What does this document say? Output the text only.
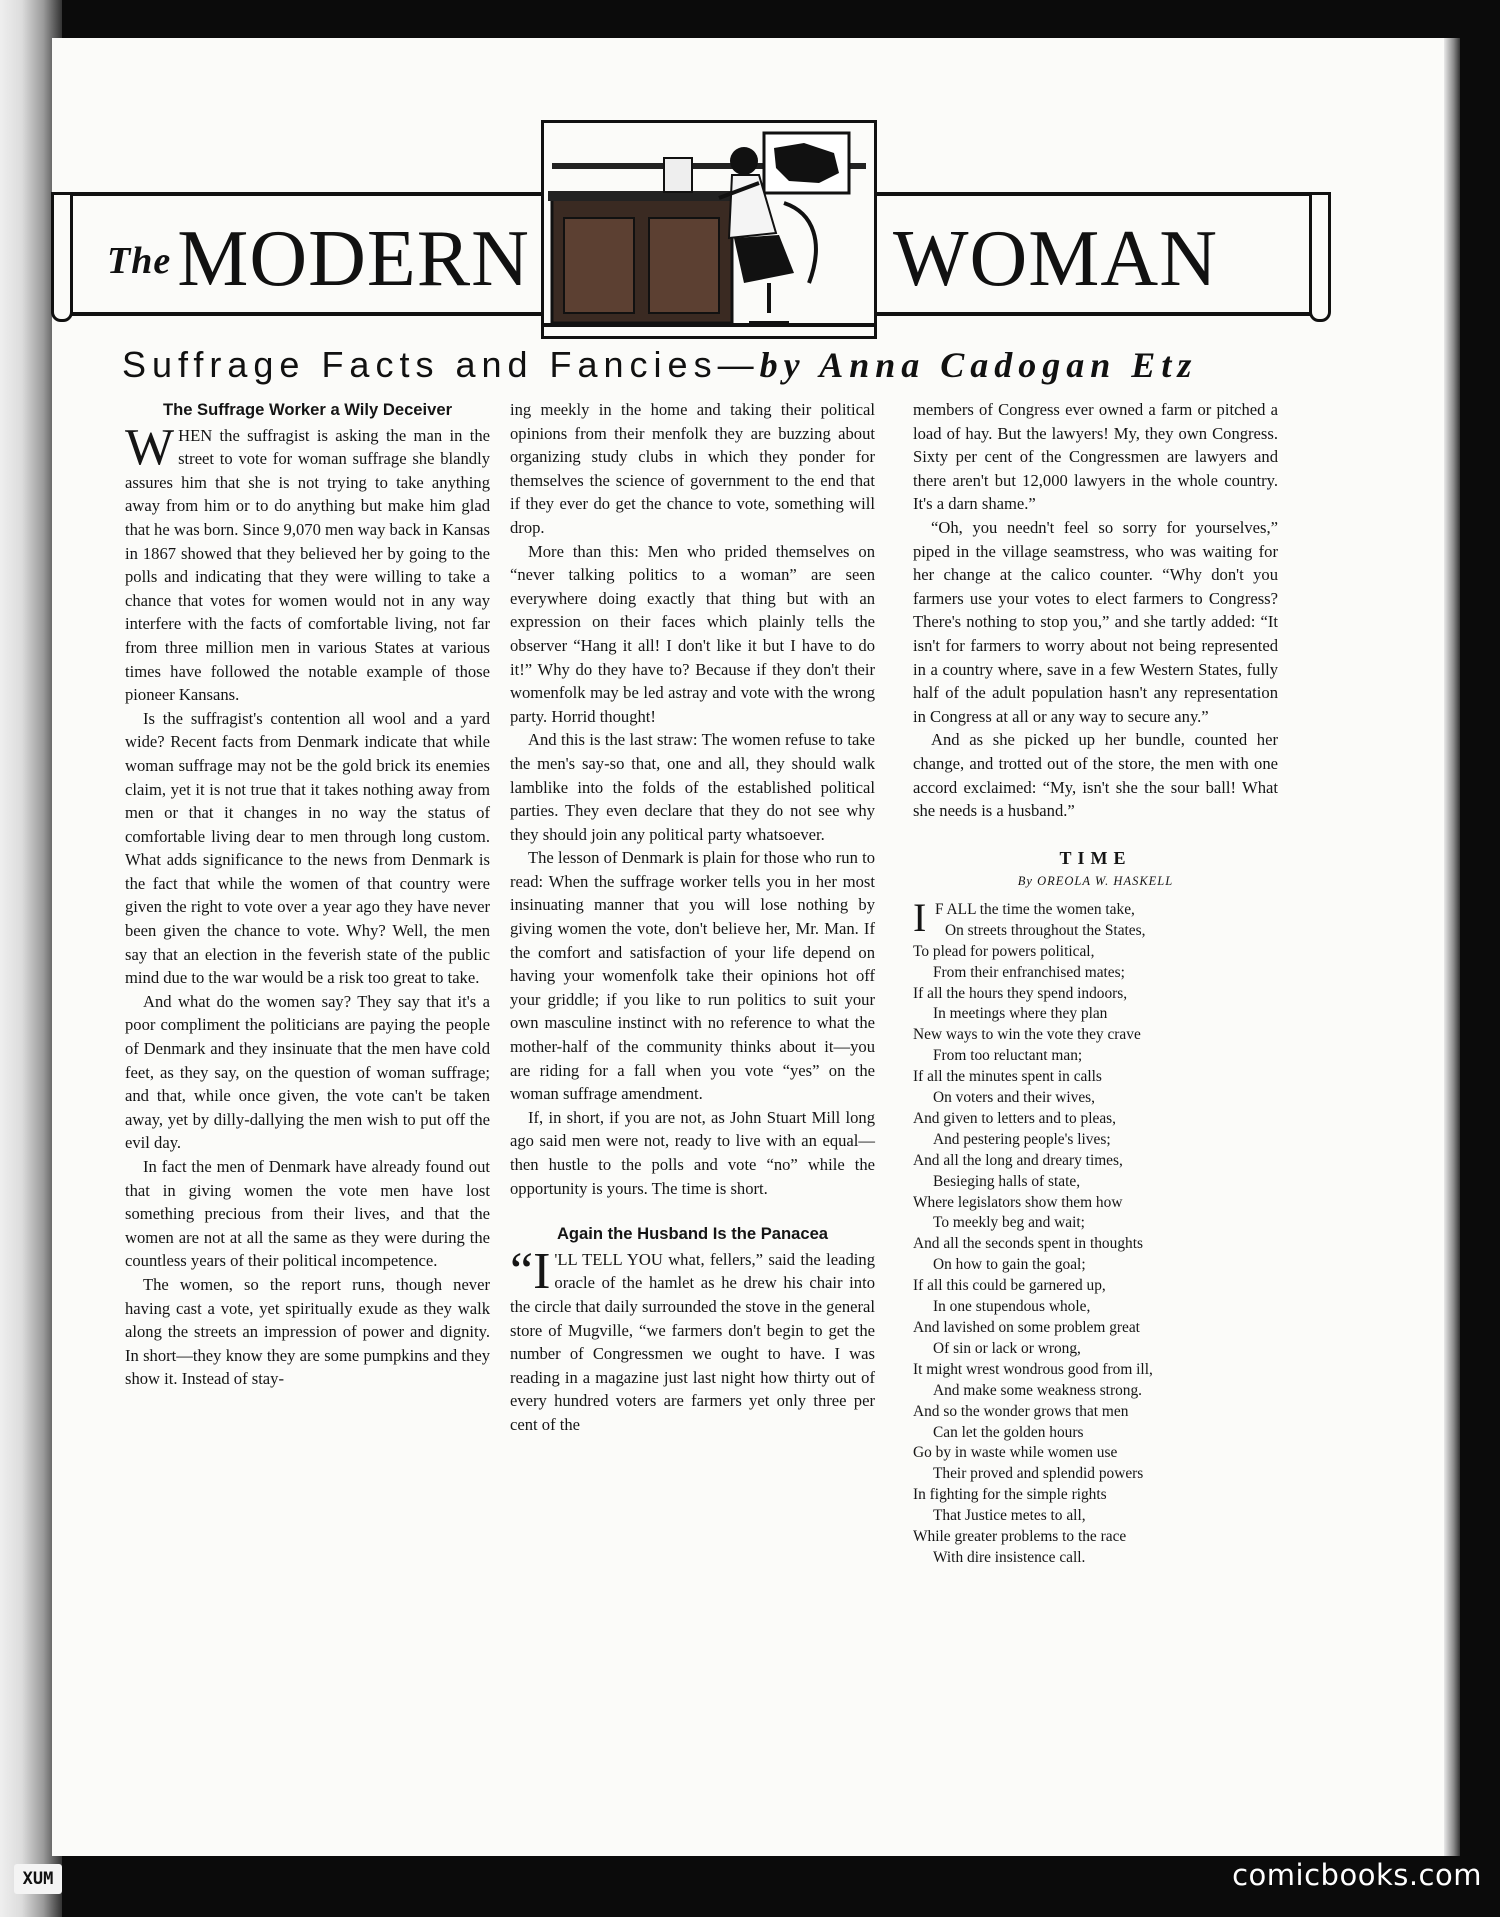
TheMODERN	WOMAN
Suffrage Facts and Fancies—by Anna Cadogan Etz
The Suffrage Worker a Wily Deceiver

WHEN the suffragist is asking the man in the street to vote for woman suffrage she blandly assures him that she is not trying to take anything away from him or to do anything but make him glad that he was born. Since 9,070 men way back in Kansas in 1867 showed that they believed her by going to the polls and indicating that they were willing to take a chance that votes for women would not in any way interfere with the facts of comfortable living, not far from three million men in various States at various times have followed the notable example of those pioneer Kansans.

Is the suffragist's contention all wool and a yard wide? Recent facts from Denmark indicate that while woman suffrage may not be the gold brick its enemies claim, yet it is not true that it takes nothing away from men or that it changes in no way the status of comfortable living dear to men through long custom. What adds significance to the news from Denmark is the fact that while the women of that country were given the right to vote over a year ago they have never been given the chance to vote. Why? Well, the men say that an election in the feverish state of the public mind due to the war would be a risk too great to take.

And what do the women say? They say that it's a poor compliment the politicians are paying the people of Denmark and they insinuate that the men have cold feet, as they say, on the question of woman suffrage; and that, while once given, the vote can't be taken away, yet by dilly-dallying the men wish to put off the evil day.

In fact the men of Denmark have already found out that in giving women the vote men have lost something precious from their lives, and that the women are not at all the same as they were during the countless years of their political incompetence.

The women, so the report runs, though never having cast a vote, yet spiritually exude as they walk along the streets an impression of power and dignity. In short—they know they are some pumpkins and they show it. Instead of stay-

ing meekly in the home and taking their political opinions from their menfolk they are buzzing about organizing study clubs in which they ponder for themselves the science of government to the end that if they ever do get the chance to vote, something will drop.

More than this: Men who prided themselves on “never talking politics to a woman” are seen everywhere doing exactly that thing but with an expression on their faces which plainly tells the observer “Hang it all! I don't like it but I have to do it!” Why do they have to? Because if they don't their womenfolk may be led astray and vote with the wrong party. Horrid thought!

And this is the last straw: The women refuse to take the men's say-so that, one and all, they should walk lamblike into the folds of the established political parties. They even declare that they do not see why they should join any political party whatsoever.

The lesson of Denmark is plain for those who run to read: When the suffrage worker tells you in her most insinuating manner that you will lose nothing by giving women the vote, don't believe her, Mr. Man. If the comfort and satisfaction of your life depend on having your womenfolk take their opinions hot off your griddle; if you like to run politics to suit your own masculine instinct with no reference to what the mother-half of the community thinks about it—you are riding for a fall when you vote “yes” on the woman suffrage amendment.

If, in short, if you are not, as John Stuart Mill long ago said men were not, ready to live with an equal—then hustle to the polls and vote “no” while the opportunity is yours. The time is short.

Again the Husband Is the Panacea

“I 'LL TELL YOU what, fellers,” said the leading oracle of the hamlet as he drew his chair into the circle that daily surrounded the stove in the general store of Mugville, “we farmers don't begin to get the number of Congressmen we ought to have. I was reading in a magazine just last night how thirty out of every hundred voters are farmers yet only three per cent of the

members of Congress ever owned a farm or pitched a load of hay. But the lawyers! My, they own Congress. Sixty per cent of the Congressmen are lawyers and there aren't but 12,000 lawyers in the whole country. It's a darn shame.”

“Oh, you needn't feel so sorry for yourselves,” piped in the village seamstress, who was waiting for her change at the calico counter. “Why don't you farmers use your votes to elect farmers to Congress? There's nothing to stop you,” and she tartly added: “It isn't for farmers to worry about not being represented in a country where, save in a few Western States, fully half of the adult population hasn't any representation in Congress at all or any way to secure any.”

And as she picked up her bundle, counted her change, and trotted out of the store, the men with one accord exclaimed: “My, isn't she the sour ball! What she needs is a husband.”

TIME
By OREOLA W. HASKELL
I F ALL the time the women take,
On streets throughout the States,
To plead for powers political,
From their enfranchised mates;
If all the hours they spend indoors,
In meetings where they plan
New ways to win the vote they crave
From too reluctant man;
If all the minutes spent in calls
On voters and their wives,
And given to letters and to pleas,
And pestering people's lives;
And all the long and dreary times,
Besieging halls of state,
Where legislators show them how
To meekly beg and wait;
And all the seconds spent in thoughts
On how to gain the goal;
If all this could be garnered up,
In one stupendous whole,
And lavished on some problem great
Of sin or lack or wrong,
It might wrest wondrous good from ill,
And make some weakness strong.
And so the wonder grows that men
Can let the golden hours
Go by in waste while women use
Their proved and splendid powers
In fighting for the simple rights
That Justice metes to all,
While greater problems to the race
With dire insistence call.
XUM	comicbooks.com
